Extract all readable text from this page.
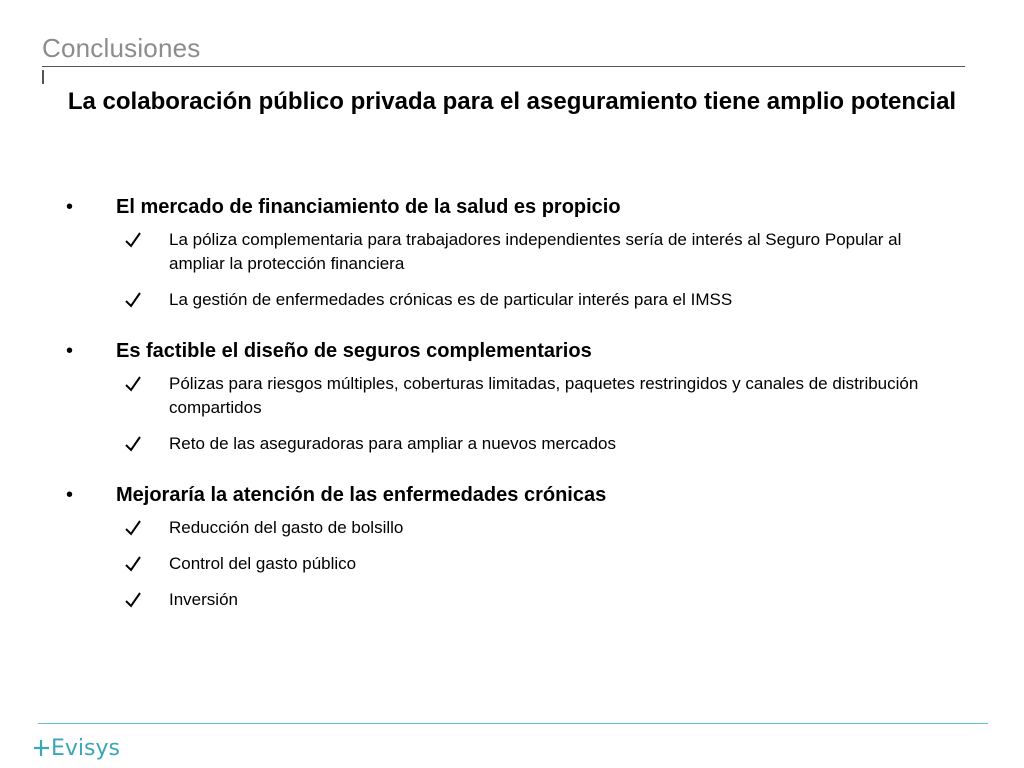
Conclusiones
La colaboración público privada para el aseguramiento tiene amplio potencial
• El mercado de financiamiento de la salud es propicio
La póliza complementaria para trabajadores independientes sería de interés al Seguro Popular al ampliar la protección financiera
La gestión de enfermedades crónicas es de particular interés para el IMSS
• Es factible el diseño de seguros complementarios
Pólizas para riesgos múltiples, coberturas limitadas, paquetes restringidos y canales de distribución compartidos
Reto de las aseguradoras para ampliar a nuevos mercados
• Mejoraría la atención de las enfermedades crónicas
Reducción del gasto de bolsillo
Control del gasto público
Inversión
Evisys
